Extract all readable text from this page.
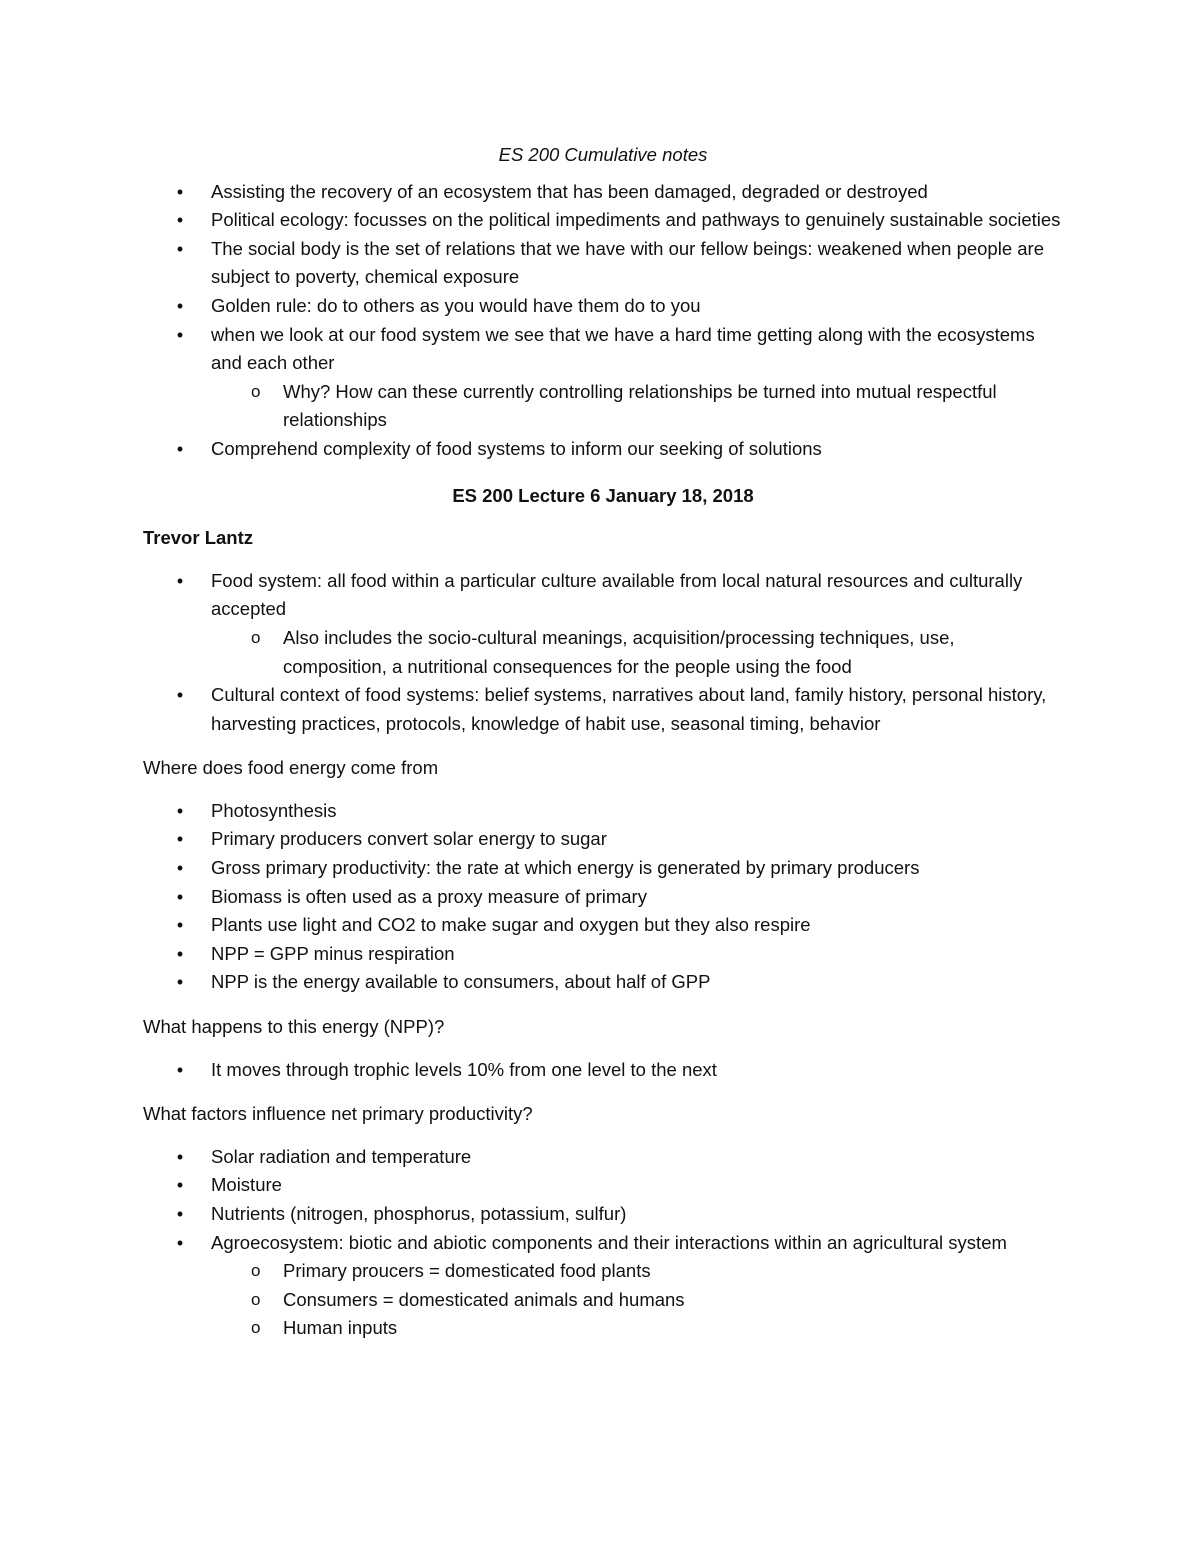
ES 200 Cumulative notes
• Assisting the recovery of an ecosystem that has been damaged, degraded or destroyed
• Political ecology: focusses on the political impediments and pathways to genuinely sustainable societies
• The social body is the set of relations that we have with our fellow beings: weakened when people are subject to poverty, chemical exposure
• Golden rule: do to others as you would have them do to you
• when we look at our food system we see that we have a hard time getting along with the ecosystems and each other
o Why? How can these currently controlling relationships be turned into mutual respectful relationships
• Comprehend complexity of food systems to inform our seeking of solutions
ES 200 Lecture 6 January 18, 2018
Trevor Lantz
• Food system: all food within a particular culture available from local natural resources and culturally accepted
o Also includes the socio-cultural meanings, acquisition/processing techniques, use, composition, a nutritional consequences for the people using the food
• Cultural context of food systems: belief systems, narratives about land, family history, personal history, harvesting practices, protocols, knowledge of habit use, seasonal timing, behavior
Where does food energy come from
• Photosynthesis
• Primary producers convert solar energy to sugar
• Gross primary productivity: the rate at which energy is generated by primary producers
• Biomass is often used as a proxy measure of primary
• Plants use light and CO2 to make sugar and oxygen but they also respire
• NPP = GPP minus respiration
• NPP is the energy available to consumers, about half of GPP
What happens to this energy (NPP)?
• It moves through trophic levels 10% from one level to the next
What factors influence net primary productivity?
• Solar radiation and temperature
• Moisture
• Nutrients (nitrogen, phosphorus, potassium, sulfur)
• Agroecosystem: biotic and abiotic components and their interactions within an agricultural system
o Primary proucers = domesticated food plants
o Consumers = domesticated animals and humans
o Human inputs
